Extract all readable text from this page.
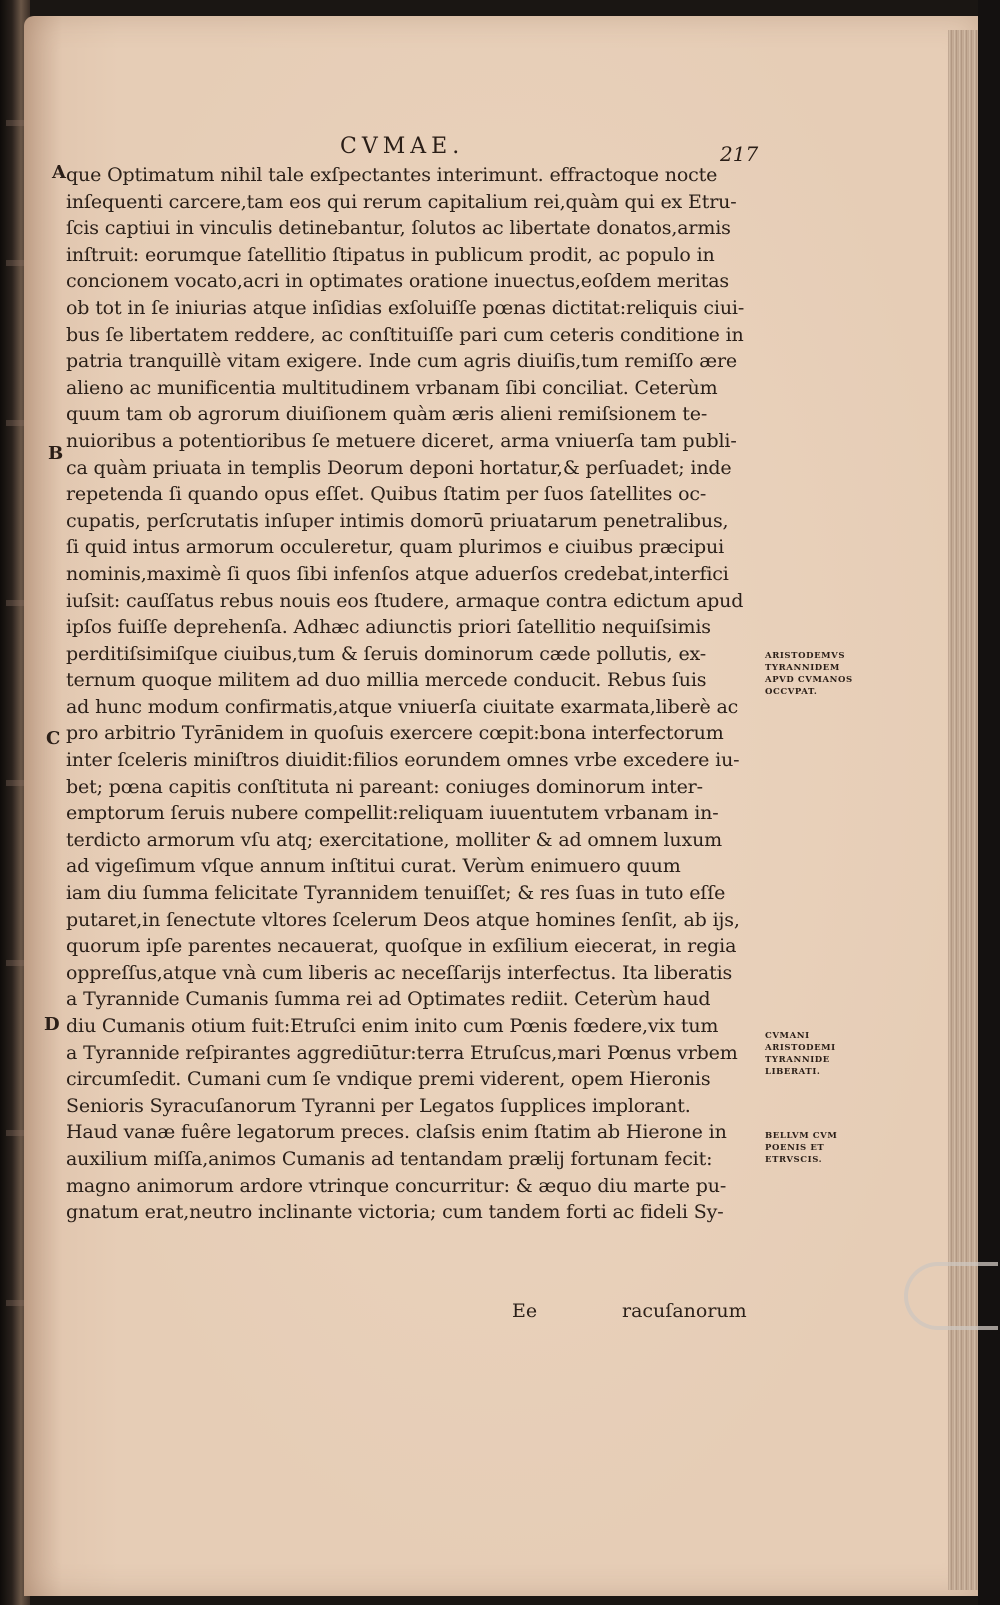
CVMAE.	217
A
B
C
D
que Optimatum nihil tale exſpectantes interimunt. effractoque nocte
inſequenti carcere,tam eos qui rerum capitalium rei,quàm qui ex Etru-
ſcis captiui in vinculis detinebantur, ſolutos ac libertate donatos,armis
inſtruit: eorumque ſatellitio ſtipatus in publicum prodit, ac populo in
concionem vocato,acri in optimates oratione inuectus,eoſdem meritas
ob tot in ſe iniurias atque inſidias exſoluiſſe pœnas dictitat:reliquis ciui-
bus ſe libertatem reddere, ac conſtituiſſe pari cum ceteris conditione in
patria tranquillè vitam exigere. Inde cum agris diuiſis,tum remiſſo ære
alieno ac munificentia multitudinem vrbanam ſibi conciliat. Ceterùm
quum tam ob agrorum diuiſionem quàm æris alieni remiſsionem te-
nuioribus a potentioribus ſe metuere diceret, arma vniuerſa tam publi-
ca quàm priuata in templis Deorum deponi hortatur,& perſuadet; inde
repetenda ſi quando opus eſſet. Quibus ſtatim per ſuos ſatellites oc-
cupatis, perſcrutatis inſuper intimis domorū priuatarum penetralibus,
ſi quid intus armorum occuleretur, quam plurimos e ciuibus præcipui
nominis,maximè ſi quos ſibi infenſos atque aduerſos credebat,interfici
iuſsit: cauſſatus rebus nouis eos ſtudere, armaque contra edictum apud
ipſos fuiſſe deprehenſa. Adhæc adiunctis priori ſatellitio nequiſsimis
perditiſsimiſque ciuibus,tum & ſeruis dominorum cæde pollutis, ex-
ternum quoque militem ad duo millia mercede conducit. Rebus ſuis
ad hunc modum confirmatis,atque vniuerſa ciuitate exarmata,liberè ac
pro arbitrio Tyrānidem in quoſuis exercere cœpit:bona interfectorum
inter ſceleris miniſtros diuidit:filios eorundem omnes vrbe excedere iu-
bet; pœna capitis conſtituta ni pareant: coniuges dominorum inter-
emptorum ſeruis nubere compellit:reliquam iuuentutem vrbanam in-
terdicto armorum vſu atq; exercitatione, molliter & ad omnem luxum
ad vigeſimum vſque annum inſtitui curat. Verùm enimuero quum
iam diu ſumma felicitate Tyrannidem tenuiſſet; & res ſuas in tuto eſſe
putaret,in ſenectute vltores ſcelerum Deos atque homines ſenſit, ab ijs,
quorum ipſe parentes necauerat, quoſque in exſilium eiecerat, in regia
oppreſſus,atque vnà cum liberis ac neceſſarijs interfectus. Ita liberatis
a Tyrannide Cumanis ſumma rei ad Optimates rediit. Ceterùm haud
diu Cumanis otium fuit:Etruſci enim inito cum Pœnis fœdere,vix tum
a Tyrannide reſpirantes aggrediūtur:terra Etruſcus,mari Pœnus vrbem
circumſedit. Cumani cum ſe vndique premi viderent, opem Hieronis
Senioris Syracuſanorum Tyranni per Legatos ſupplices implorant.
Haud vanæ fuêre legatorum preces. claſsis enim ſtatim ab Hierone in
auxilium miſſa,animos Cumanis ad tentandam prælij fortunam fecit:
magno animorum ardore vtrinque concurritur: & æquo diu marte pu-
gnatum erat,neutro inclinante victoria; cum tandem forti ac fideli Sy-
Ee	racuſanorum
ARISTODEMVS TYRANNIDEM APVD CVMANOS OCCVPAT.
CVMANI ARISTODEMI TYRANNIDE LIBERATI.
BELLVM CVM POENIS ET ETRVSCIS.
